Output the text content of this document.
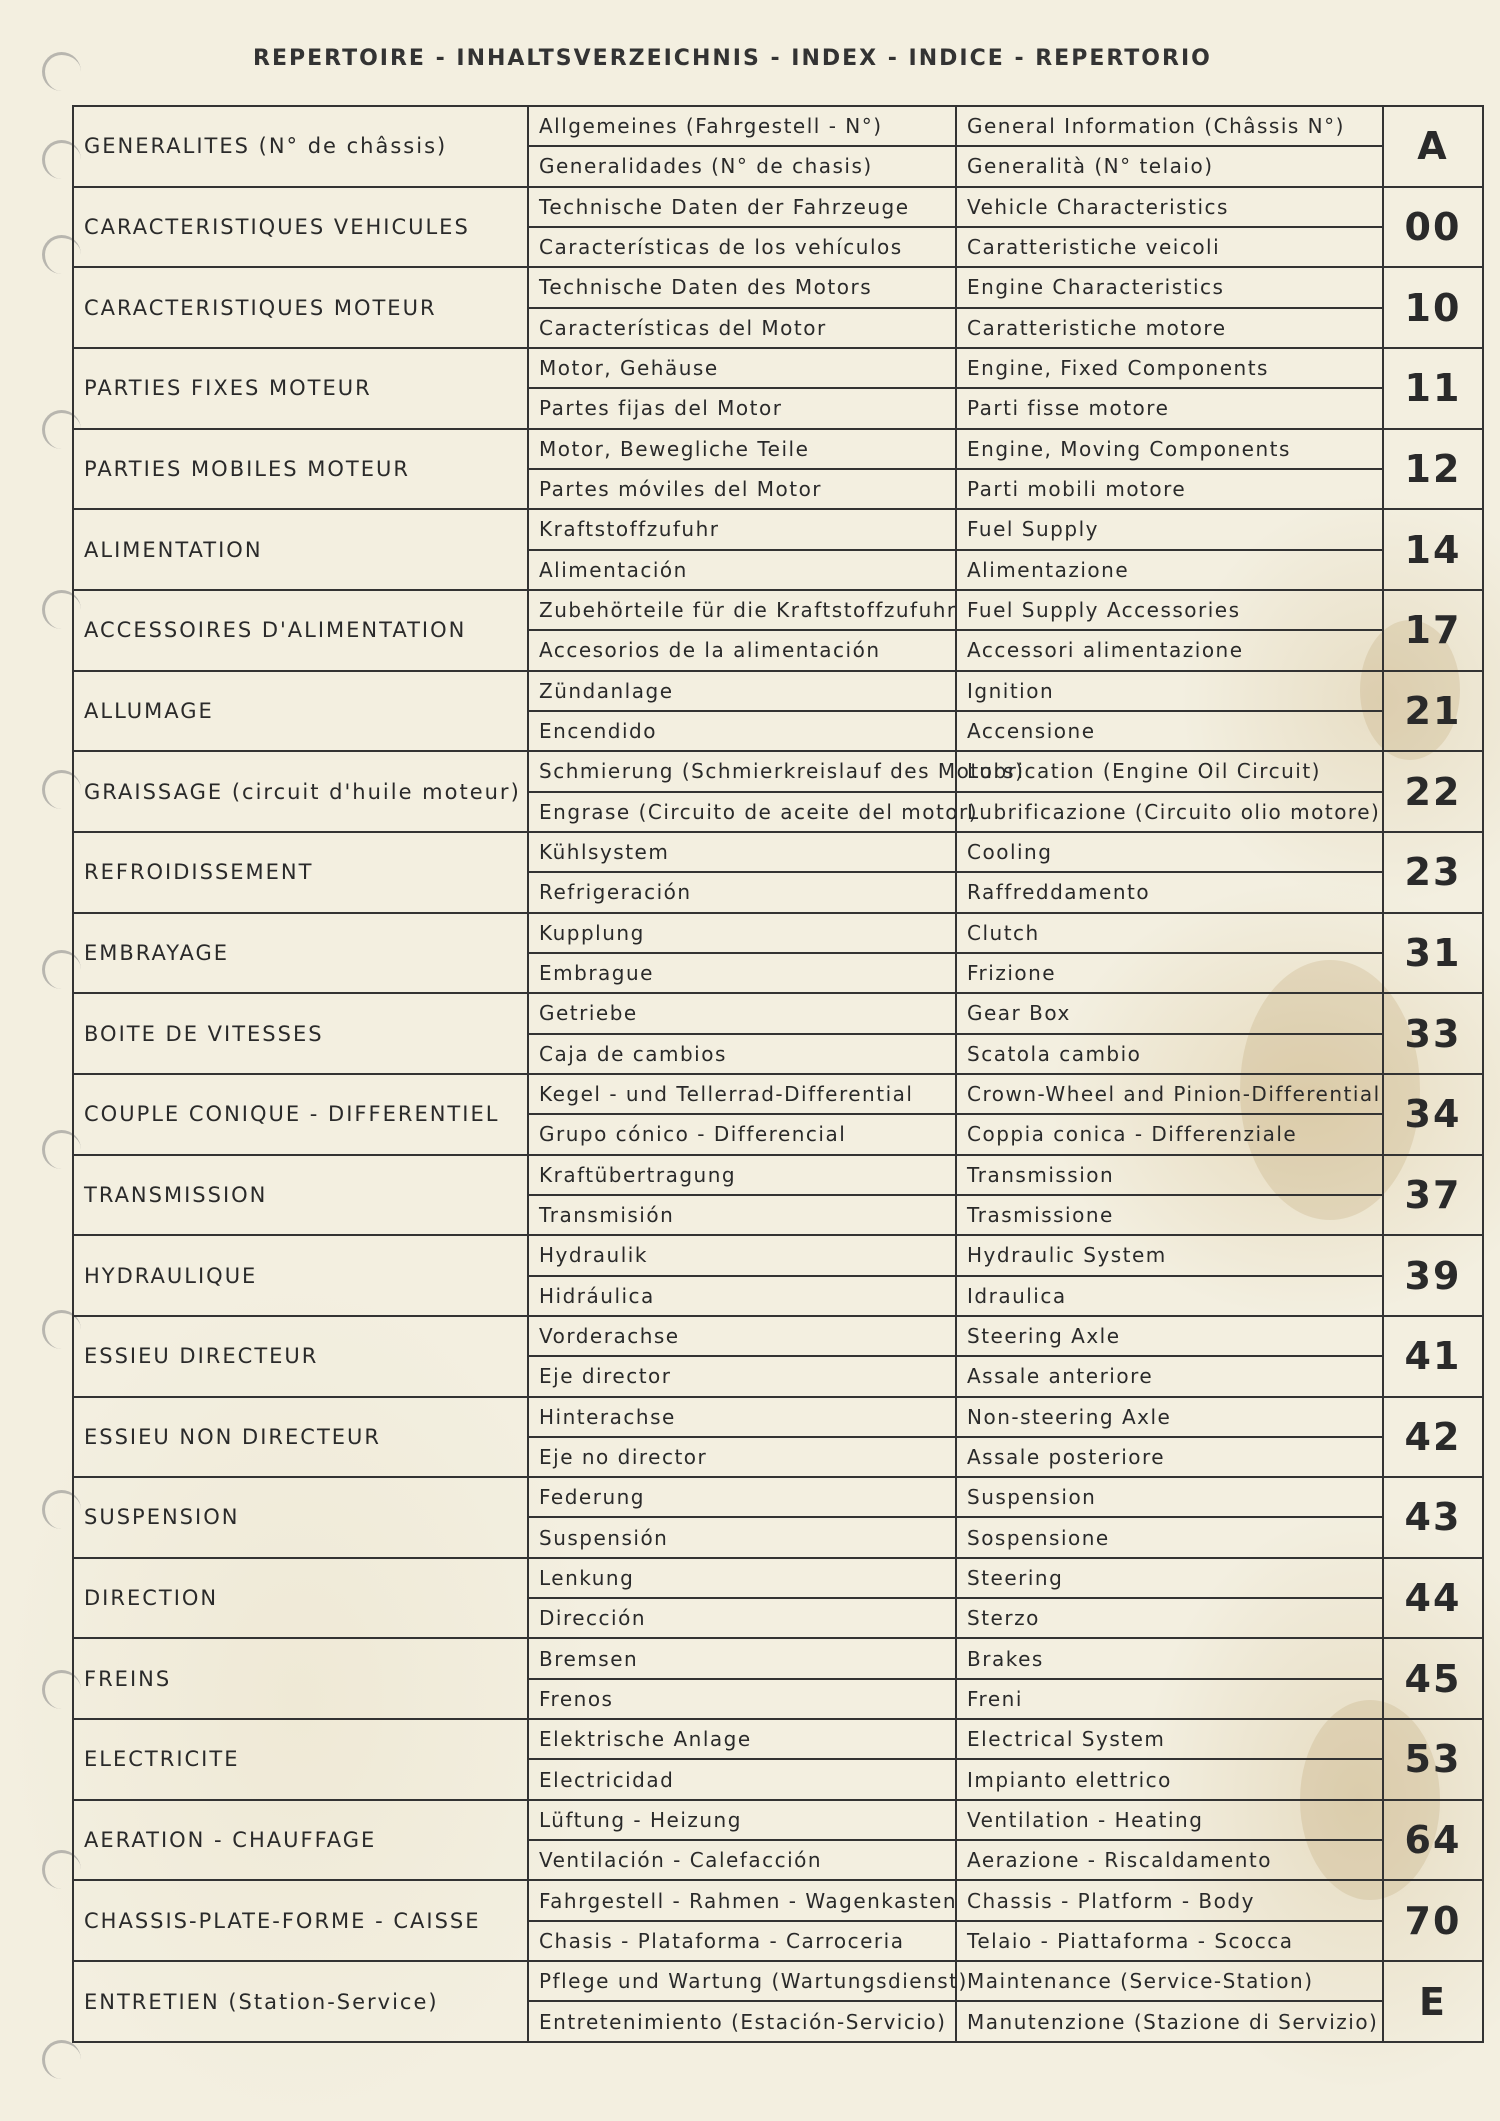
REPERTOIRE - INHALTSVERZEICHNIS - INDEX - INDICE - REPERTORIO
GENERALITES (N° de châssis)	Allgemeines (Fahrgestell - N°)	General Information (Châssis N°)	A
	Generalidades (N° de chasis)	Generalità (N° telaio)	
CARACTERISTIQUES VEHICULES	Technische Daten der Fahrzeuge	Vehicle Characteristics	00
	Características de los vehículos	Caratteristiche veicoli	
CARACTERISTIQUES MOTEUR	Technische Daten des Motors	Engine Characteristics	10
	Características del Motor	Caratteristiche motore	
PARTIES FIXES MOTEUR	Motor, Gehäuse	Engine, Fixed Components	11
	Partes fijas del Motor	Parti fisse motore	
PARTIES MOBILES MOTEUR	Motor, Bewegliche Teile	Engine, Moving Components	12
	Partes móviles del Motor	Parti mobili motore	
ALIMENTATION	Kraftstoffzufuhr	Fuel Supply	14
	Alimentación	Alimentazione	
ACCESSOIRES D'ALIMENTATION	Zubehörteile für die Kraftstoffzufuhr	Fuel Supply Accessories	17
	Accesorios de la alimentación	Accessori alimentazione	
ALLUMAGE	Zündanlage	Ignition	21
	Encendido	Accensione	
GRAISSAGE (circuit d'huile moteur)	Schmierung (Schmierkreislauf des Motors)	Lubrication (Engine Oil Circuit)	22
	Engrase (Circuito de aceite del motor)	Lubrificazione (Circuito olio motore)	
REFROIDISSEMENT	Kühlsystem	Cooling	23
	Refrigeración	Raffreddamento	
EMBRAYAGE	Kupplung	Clutch	31
	Embrague	Frizione	
BOITE DE VITESSES	Getriebe	Gear Box	33
	Caja de cambios	Scatola cambio	
COUPLE CONIQUE - DIFFERENTIEL	Kegel - und Tellerrad-Differential	Crown-Wheel and Pinion-Differential	34
	Grupo cónico - Differencial	Coppia conica - Differenziale	
TRANSMISSION	Kraftübertragung	Transmission	37
	Transmisión	Trasmissione	
HYDRAULIQUE	Hydraulik	Hydraulic System	39
	Hidráulica	Idraulica	
ESSIEU DIRECTEUR	Vorderachse	Steering Axle	41
	Eje director	Assale anteriore	
ESSIEU NON DIRECTEUR	Hinterachse	Non-steering Axle	42
	Eje no director	Assale posteriore	
SUSPENSION	Federung	Suspension	43
	Suspensión	Sospensione	
DIRECTION	Lenkung	Steering	44
	Dirección	Sterzo	
FREINS	Bremsen	Brakes	45
	Frenos	Freni	
ELECTRICITE	Elektrische Anlage	Electrical System	53
	Electricidad	Impianto elettrico	
AERATION - CHAUFFAGE	Lüftung - Heizung	Ventilation - Heating	64
	Ventilación - Calefacción	Aerazione - Riscaldamento	
CHASSIS-PLATE-FORME - CAISSE	Fahrgestell - Rahmen - Wagenkasten	Chassis - Platform - Body	70
	Chasis - Plataforma - Carroceria	Telaio - Piattaforma - Scocca	
ENTRETIEN (Station-Service)	Pflege und Wartung (Wartungsdienst)	Maintenance (Service-Station)	E
	Entretenimiento (Estación-Servicio)	Manutenzione (Stazione di Servizio)	
